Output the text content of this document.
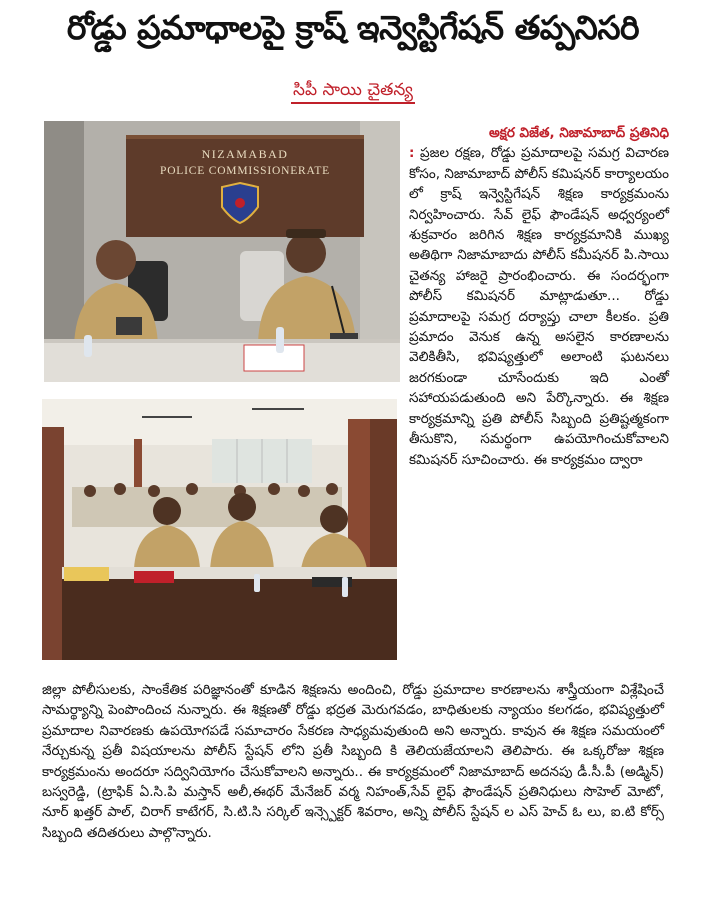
రోడ్డు ప్రమాధాలపై క్రాష్ ఇన్వెస్టిగేషన్ తప్పనిసరి
సిపీ సాయి చైతన్య
NIZAMABAD
POLICE COMMISSIONERATE
అక్షర విజేత, నిజామాబాద్ ప్రతినిధి
: ప్రజల రక్షణ, రోడ్డు ప్రమాదాలపై సమగ్ర విచారణ కోసం, నిజామాబాద్ పోలీస్ కమిషనర్ కార్యాలయం లో క్రాష్ ఇన్వెస్టిగేషన్ శిక్షణ కార్యక్రమంను నిర్వహించారు. సేవ్ లైఫ్ ఫౌండేషన్ అధ్వర్యంలో శుక్రవారం జరిగిన శిక్షణ కార్యక్రమానికి ముఖ్య అతిథిగా నిజామాబాదు పోలీస్ కమీషనర్ పి.సాయి చైతన్య హాజరై ప్రారంభించారు. ఈ సందర్భంగా పోలీస్ కమిషనర్ మాట్లాడుతూ... రోడ్డు ప్రమాదాలపై సమగ్ర దర్యాప్తు చాలా కీలకం. ప్రతి ప్రమాదం వెనుక ఉన్న అసలైన కారణాలను వెలికితీసి, భవిష్యత్తులో అలాంటి ఘటనలు జరగకుండా చూసేందుకు ఇది ఎంతో సహాయపడుతుంది అని పేర్కొన్నారు. ఈ శిక్షణ కార్యక్రమాన్ని ప్రతి పోలీస్ సిబ్బంది ప్రతిష్టత్మకంగా తీసుకొని, సమర్థంగా ఉపయోగించుకోవాలని కమిషనర్ సూచించారు. ఈ కార్యక్రమం ద్వారా
జిల్లా పోలీసులకు, సాంకేతిక పరిజ్ఞానంతో కూడిన శిక్షణను అందించి, రోడ్డు ప్రమాదాల కారణాలను శాస్త్రీయంగా విశ్లేషించే సామర్థ్యాన్ని పెంపొందించ నున్నారు. ఈ శిక్షణతో రోడ్డు భద్రత మెరుగవడం, బాధితులకు న్యాయం కలగడం, భవిష్యత్తులో ప్రమాదాల నివారణకు ఉపయోగపడే సమాచారం సేకరణ సాధ్యమవుతుంది అని అన్నారు. కావున ఈ శిక్షణ సమయంలో నేర్చుకున్న ప్రతీ విషయాలను పోలీస్ స్టేషన్ లోని ప్రతీ సిబ్బంది కి తెలియజేయాలని తెలిపారు. ఈ ఒక్కరోజు శిక్షణ కార్యక్రమంను అందరూ సద్వినియోగం చేసుకోవాలని అన్నారు.. ఈ కార్యక్రమంలో నిజామాబాద్ అదనపు డీ.సీ.పీ (అడ్మిన్) బస్వరెడ్డి, (ట్రాఫిక్ ఏ.సి.పి మస్తాన్ అలీ,ఈథర్ మేనేజర్ వర్మ నిహంత్,సేవ్ లైఫ్ ఫౌండేషన్ ప్రతినిధులు సొహెల్ మోటో, నూర్ ఖత్తర్ పాల్, చిరాగ్ కాటేగర్, సి.టి.సి సర్కిల్ ఇన్స్పెక్టర్ శివరాం, అన్ని పోలీస్ స్టేషన్ ల ఎస్ హెచ్ ఓ లు, ఐ.టి కోర్స్ సిబ్బంది తదితరులు పాల్గొన్నారు.
